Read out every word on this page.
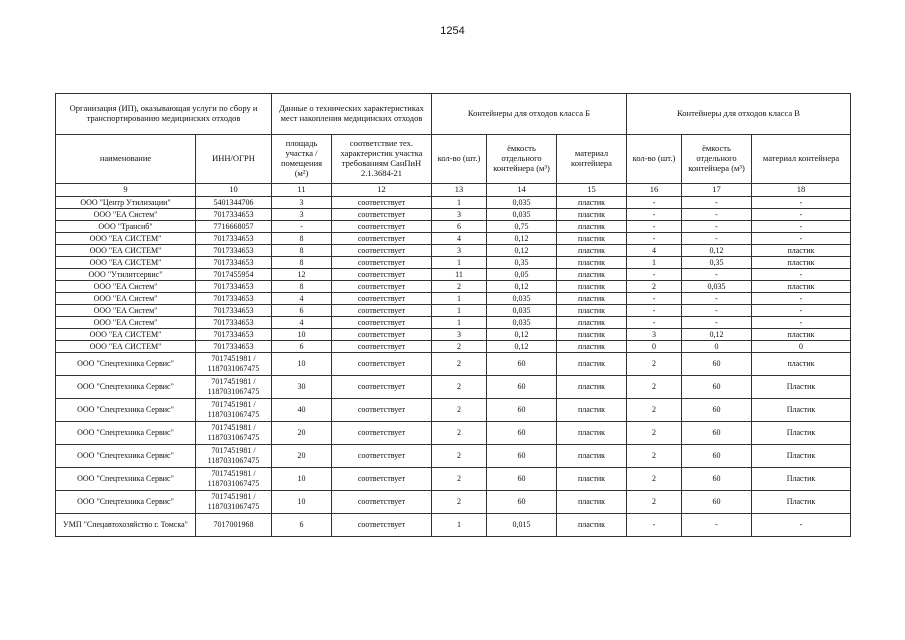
1254
Организация (ИП), оказывающая услуги по сбору и транспортированию медицинских отходов		Данные о технических характеристиках мест накопления медицинских отходов		Контейнеры для отходов класса Б			Контейнеры для отходов класса В		
наименование	ИНН/ОГРН	площадь участка / помещения (м²)	соответствие тех. характеристик участка требованиям СанПиН 2.1.3684-21	кол-во (шт.)	ёмкость отдельного контейнера (м³)	материал контейнера	кол-во (шт.)	ёмкость отдельного контейнера (м³)	материал контейнера
9	10	11	12	13	14	15	16	17	18
ООО "Центр Утилизации"	5401344706	3	соответствует	1	0,035	пластик	-	-	-
ООО "ЕА Систем"	7017334653	3	соответствует	3	0,035	пластик	-	-	-
ООО "Трансиб"	7716668057	-	соответствует	6	0,75	пластик	-	-	-
ООО "ЕА СИСТЕМ"	7017334653	8	соответствует	4	0,12	пластик	-	-	-
ООО "ЕА СИСТЕМ"	7017334653	8	соответствует	3	0,12	пластик	4	0,12	пластик
ООО "ЕА СИСТЕМ"	7017334653	8	соответствует	1	0,35	пластик	1	0,35	пластик
ООО "Утилитсервис"	7017455954	12	соответствует	11	0,05	пластик	-	-	-
ООО "ЕА Систем"	7017334653	8	соответствует	2	0,12	пластик	2	0,035	пластик
ООО "ЕА Систем"	7017334653	4	соответствует	1	0,035	пластик	-	-	-
ООО "ЕА Систем"	7017334653	6	соответствует	1	0,035	пластик	-	-	-
ООО "ЕА Систем"	7017334653	4	соответствует	1	0,035	пластик	-	-	-
ООО "ЕА СИСТЕМ"	7017334653	10	соответствует	3	0,12	пластик	3	0,12	пластик
ООО "ЕА СИСТЕМ"	7017334653	6	соответствует	2	0,12	пластик	0	0	0
ООО "Спецтехника Сервис"	7017451981 / 1187031067475	10	соответствует	2	60	пластик	2	60	пластик
ООО "Спецтехника Сервис"	7017451981 / 1187031067475	30	соответствует	2	60	пластик	2	60	Пластик
ООО "Спецтехника Сервис"	7017451981 / 1187031067475	40	соответствует	2	60	пластик	2	60	Пластик
ООО "Спецтехника Сервис"	7017451981 / 1187031067475	20	соответствует	2	60	пластик	2	60	Пластик
ООО "Спецтехника Сервис"	7017451981 / 1187031067475	20	соответствует	2	60	пластик	2	60	Пластик
ООО "Спецтехника Сервис"	7017451981 / 1187031067475	10	соответствует	2	60	пластик	2	60	Пластик
ООО "Спецтехника Сервис"	7017451981 / 1187031067475	10	соответствует	2	60	пластик	2	60	Пластик
УМП "Спецавтохозяйство г. Томска"	7017001968	6	соответствует	1	0,015	пластик	-	-	-
